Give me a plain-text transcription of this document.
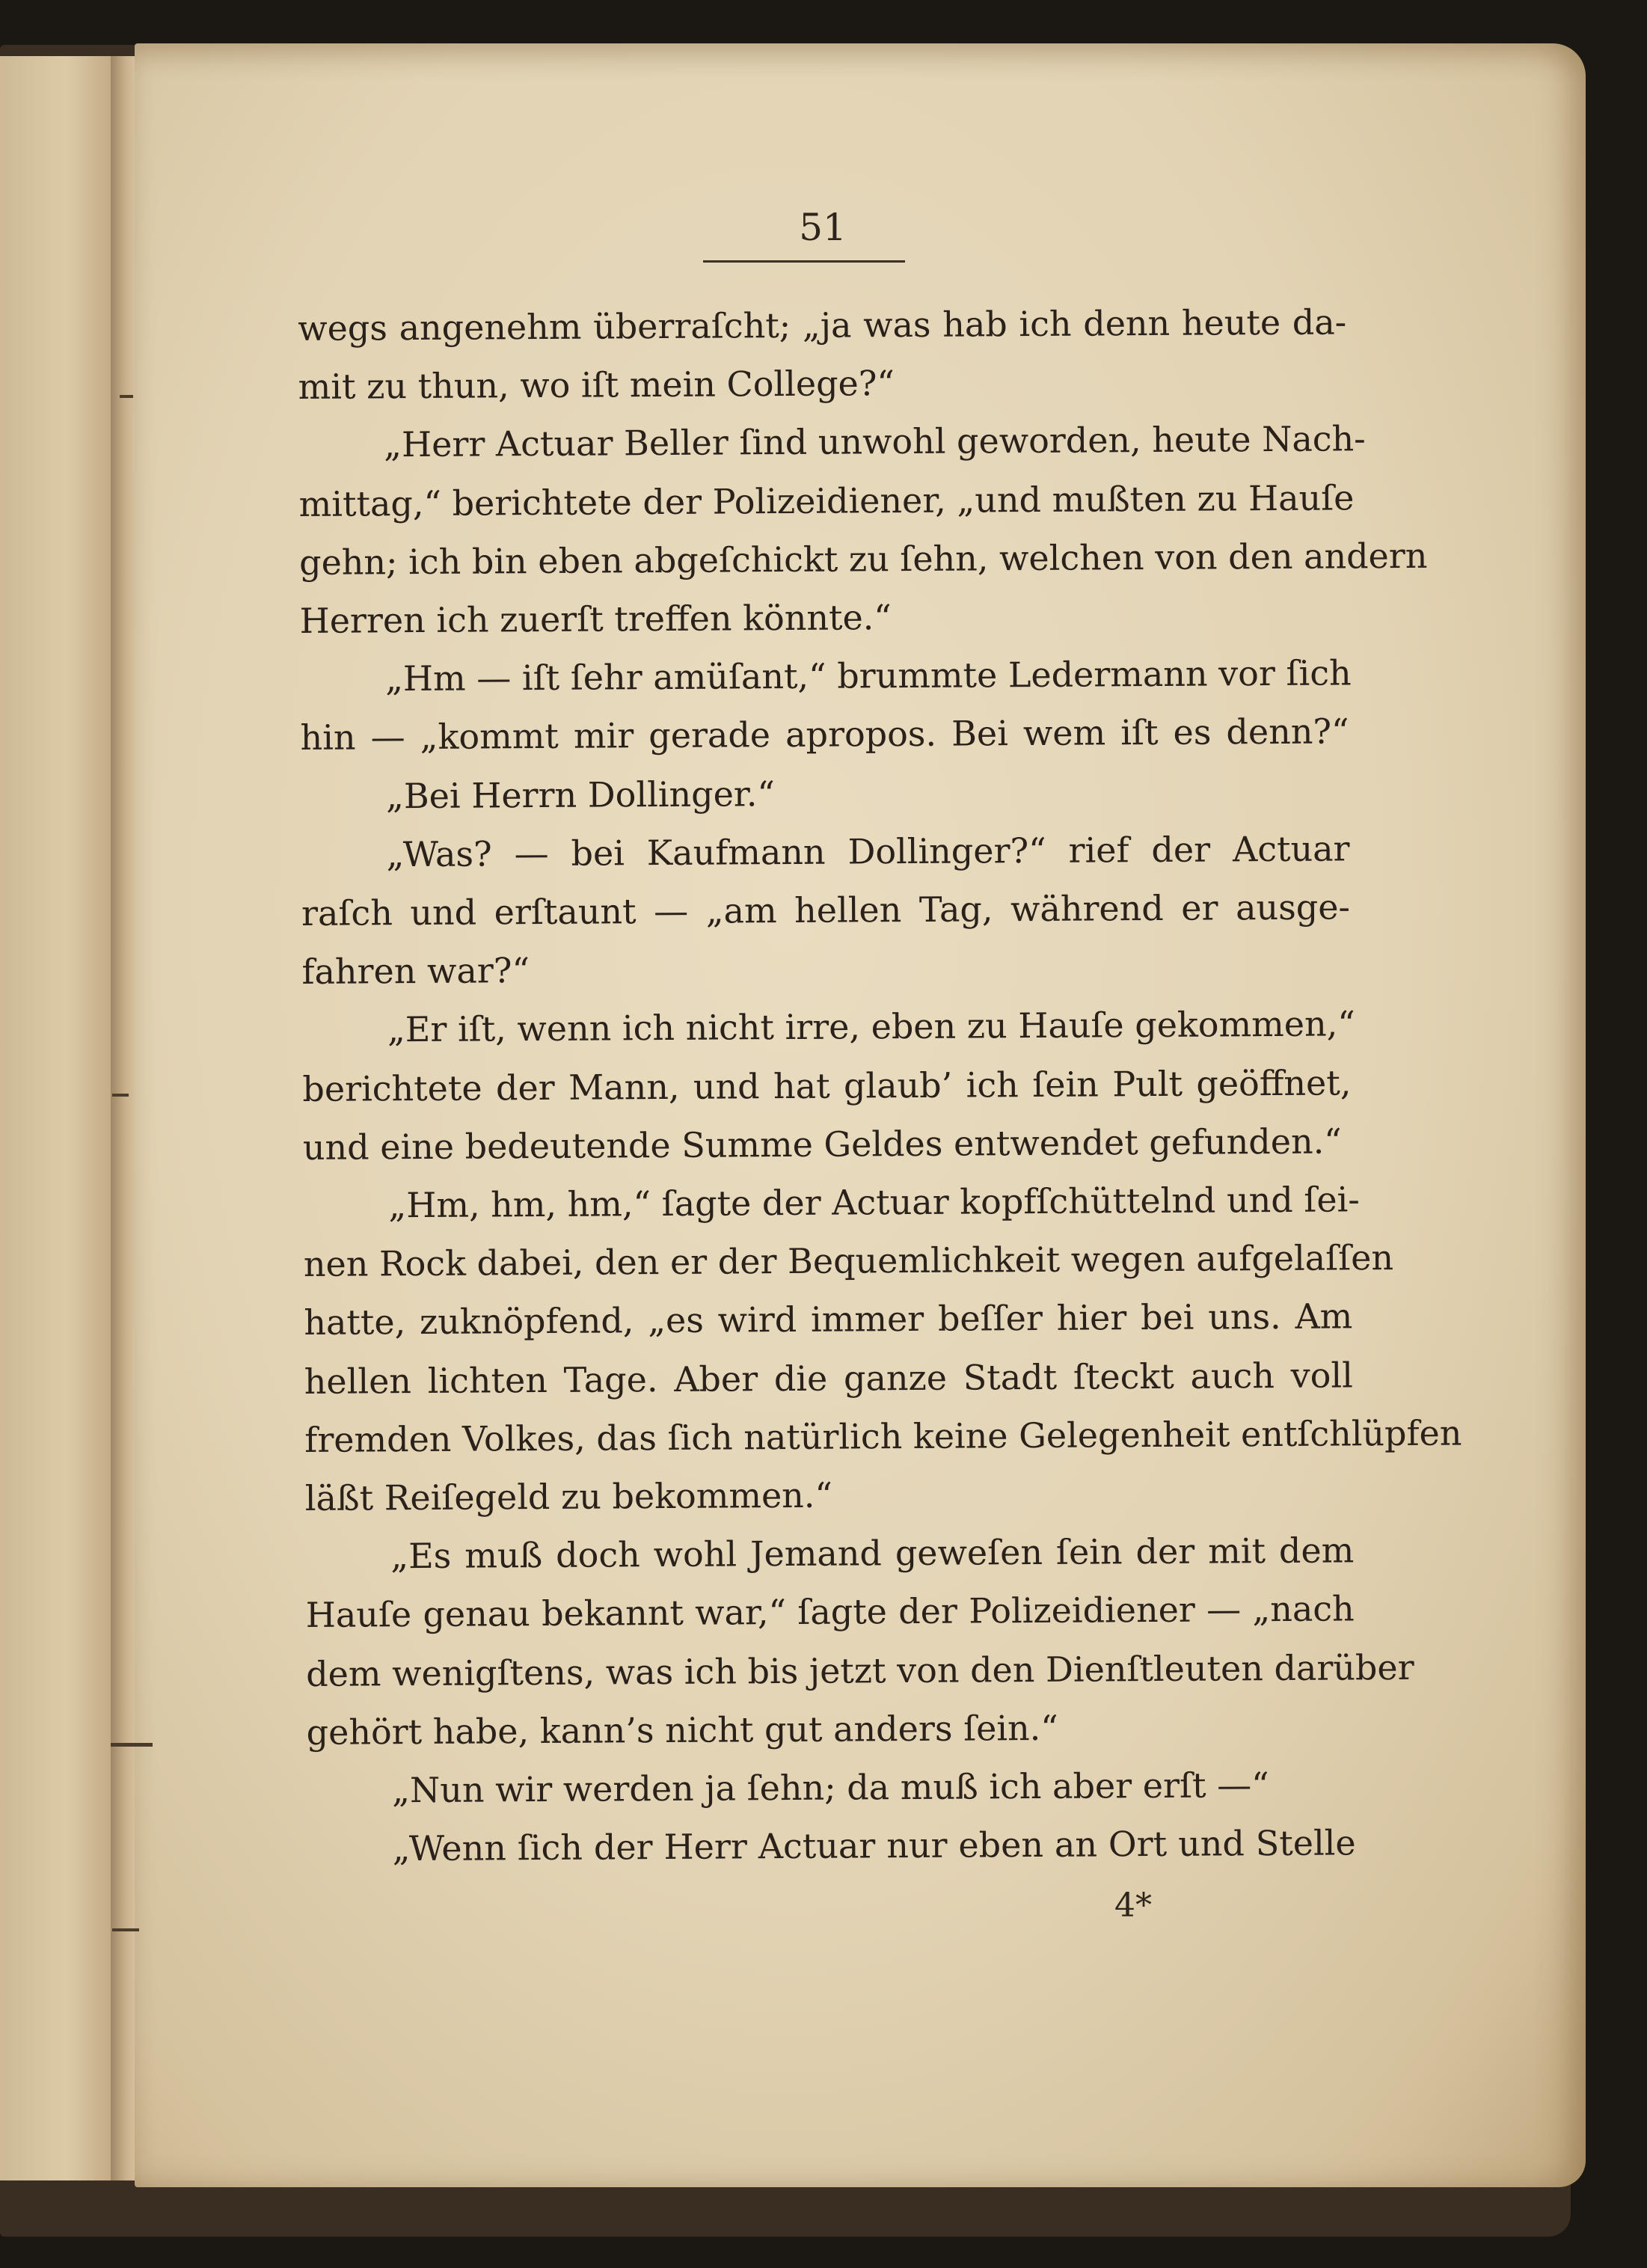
51
wegs angenehm überraſcht; „ja was hab ich denn heute da-
mit zu thun, wo iſt mein College?“
„Herr Actuar Beller ſind unwohl geworden, heute Nach-
mittag,“ berichtete der Polizeidiener, „und mußten zu Hauſe
gehn; ich bin eben abgeſchickt zu ſehn, welchen von den andern
Herren ich zuerſt treffen könnte.“
„Hm — iſt ſehr amüſant,“ brummte Ledermann vor ſich
hin — „kommt mir gerade apropos. Bei wem iſt es denn?“
„Bei Herrn Dollinger.“
„Was? — bei Kaufmann Dollinger?“ rief der Actuar
raſch und erſtaunt — „am hellen Tag, während er ausge-
fahren war?“
„Er iſt, wenn ich nicht irre, eben zu Hauſe gekommen,“
berichtete der Mann, und hat glaub’ ich ſein Pult geöffnet,
und eine bedeutende Summe Geldes entwendet gefunden.“
„Hm, hm, hm,“ ſagte der Actuar kopfſchüttelnd und ſei-
nen Rock dabei, den er der Bequemlichkeit wegen aufgelaſſen
hatte, zuknöpfend, „es wird immer beſſer hier bei uns. Am
hellen lichten Tage. Aber die ganze Stadt ſteckt auch voll
fremden Volkes, das ſich natürlich keine Gelegenheit entſchlüpfen
läßt Reiſegeld zu bekommen.“
„Es muß doch wohl Jemand geweſen ſein der mit dem
Hauſe genau bekannt war,“ ſagte der Polizeidiener — „nach
dem wenigſtens, was ich bis jetzt von den Dienſtleuten darüber
gehört habe, kann’s nicht gut anders ſein.“
„Nun wir werden ja ſehn; da muß ich aber erſt —“
„Wenn ſich der Herr Actuar nur eben an Ort und Stelle
4*
